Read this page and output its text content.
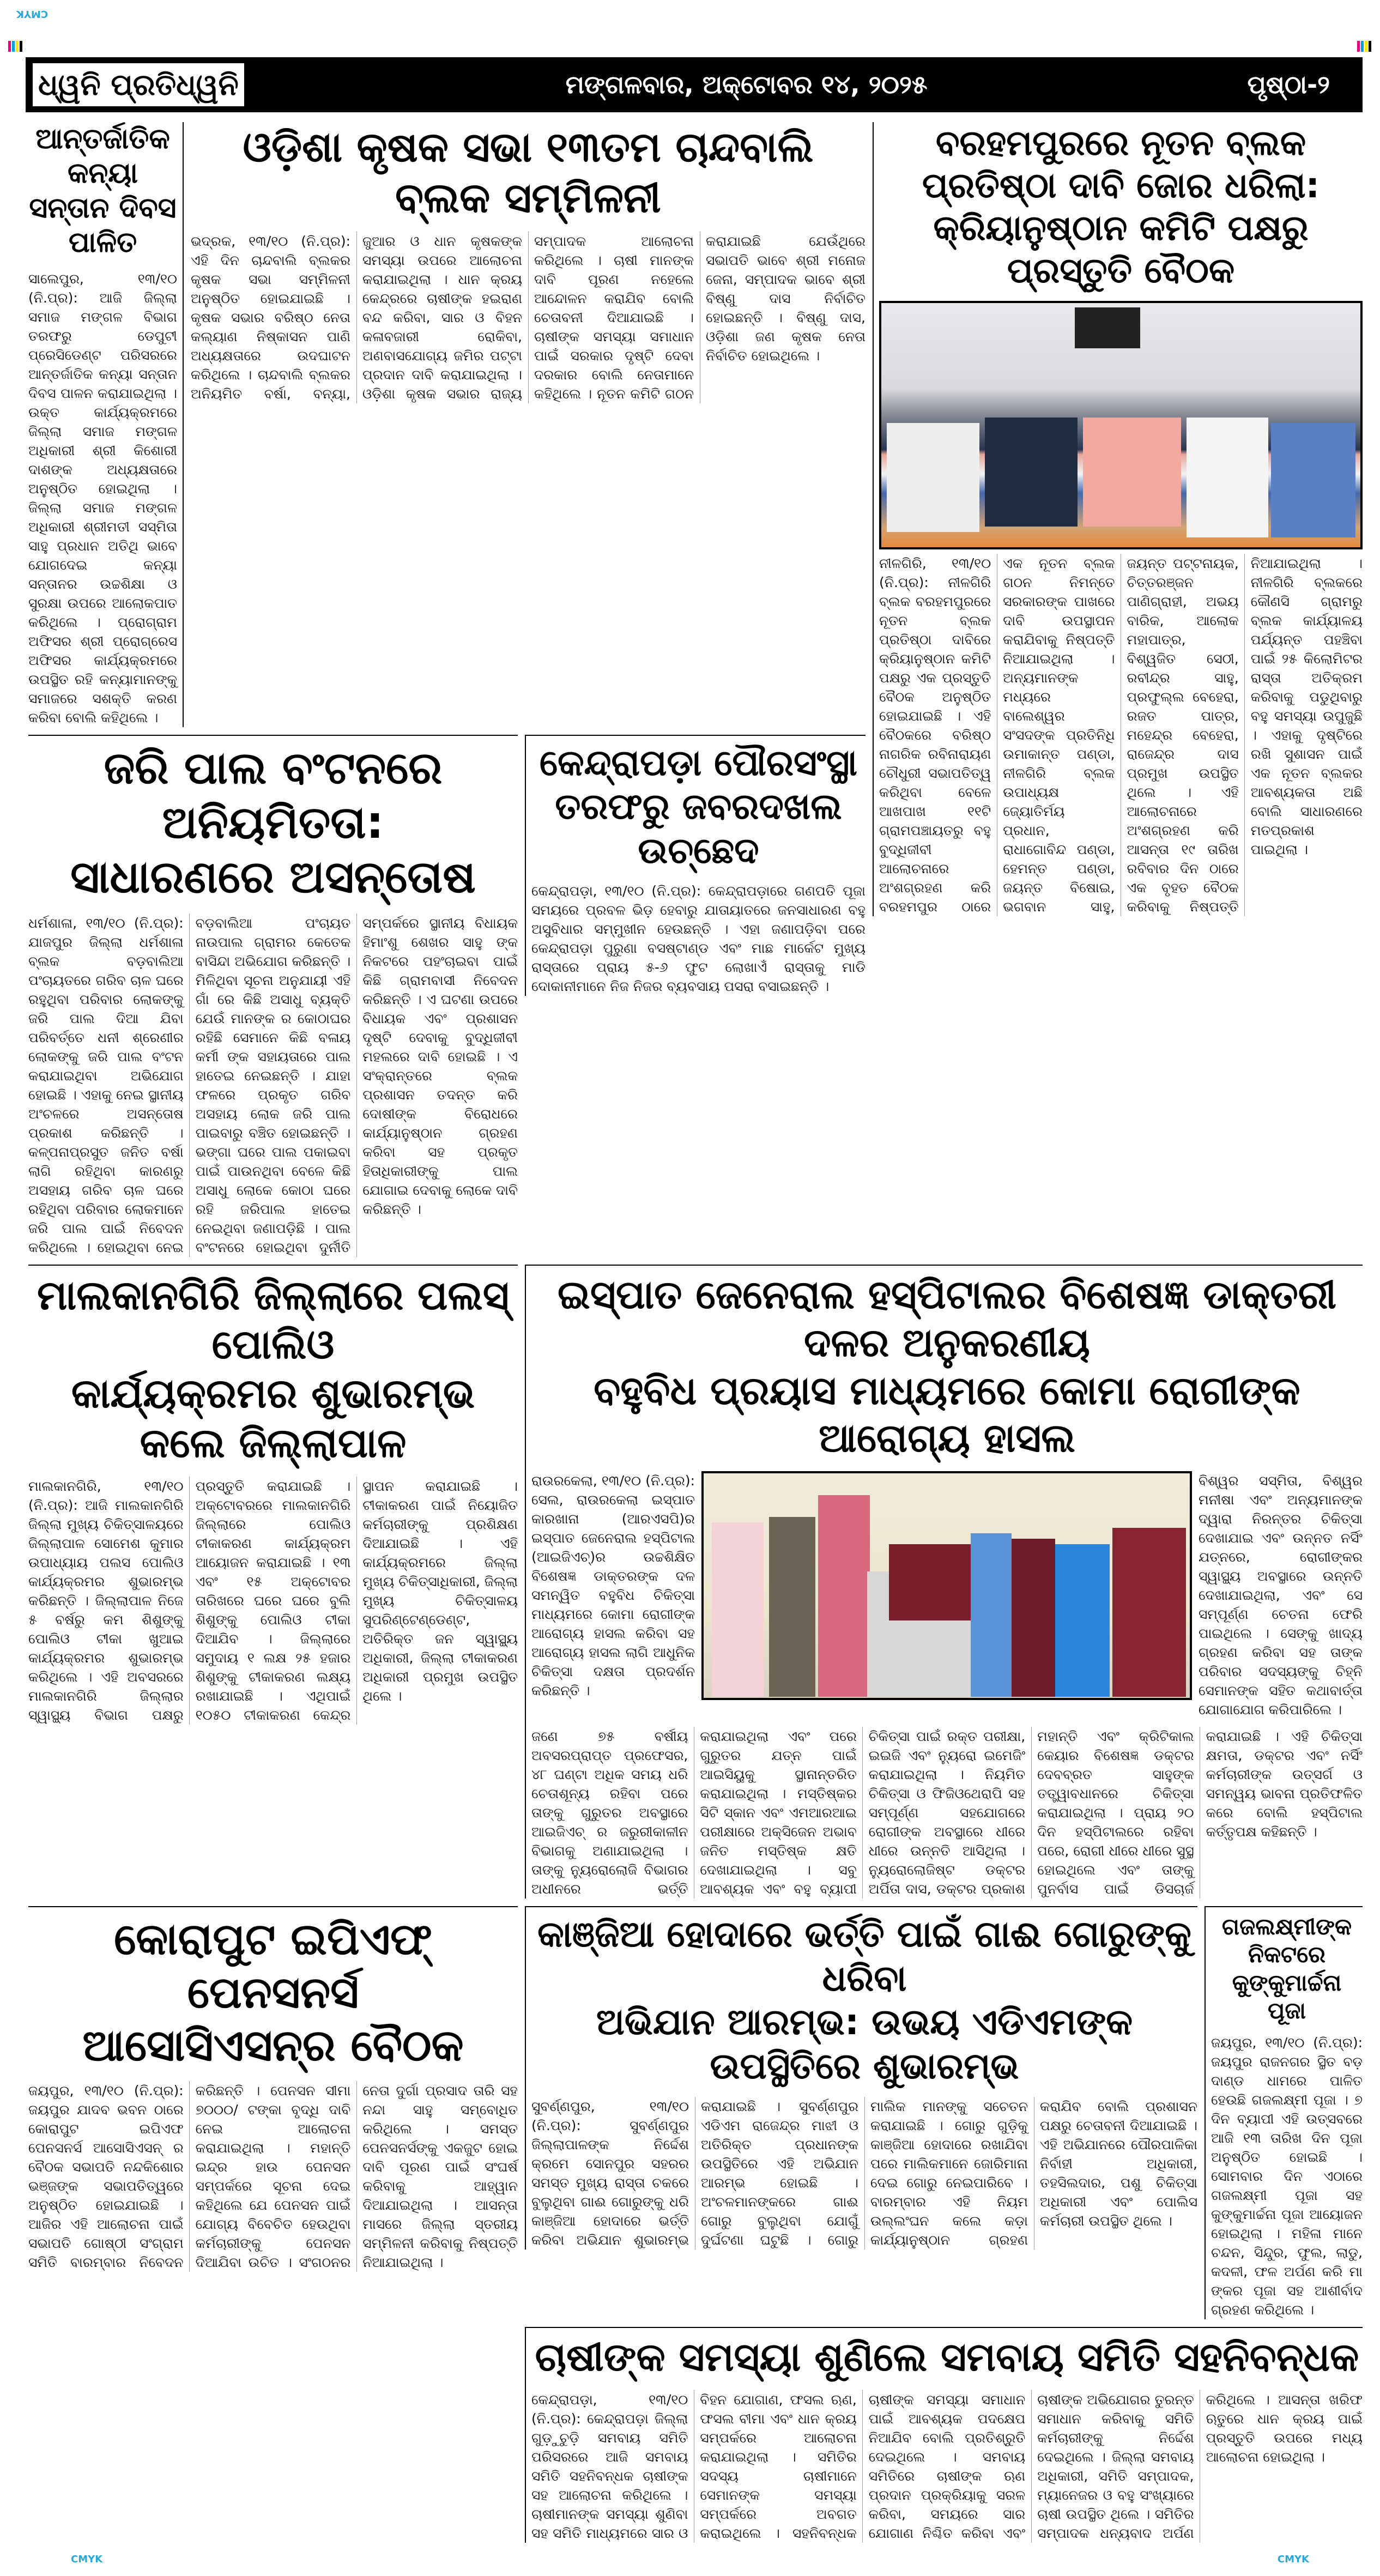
CMYK
ଧ୍ୱନି ପ୍ରତିଧ୍ୱନି	ମଙ୍ଗଳବାର, ଅକ୍ଟୋବର ୧୪, ୨୦୨୫	ପୃଷ୍ଠା-୨
ଆନ୍ତର୍ଜାତିକ କନ୍ୟା ସନ୍ତାନ ଦିବସ ପାଳିତ
ସାଲେପୁର, ୧୩/୧୦ (ନି.ପ୍ର): ଆଜି ଜିଲ୍ଲା ସମାଜ ମଙ୍ଗଳ ବିଭାଗ ତରଫରୁ ଡେପୁଟୀ ପ୍ରେସିଡେଣ୍ଟ ପରିସରରେ ଆନ୍ତର୍ଜାତିକ କନ୍ୟା ସନ୍ତାନ ଦିବସ ପାଳନ କରାଯାଇଥିଲା । ଉକ୍ତ କାର୍ଯ୍ୟକ୍ରମରେ ଜିଲ୍ଲା ସମାଜ ମଙ୍ଗଳ ଅଧିକାରୀ ଶ୍ରୀ କିଶୋରୀ ଦାଶଙ୍କ ଅଧ୍ୟକ୍ଷତାରେ ଅନୁଷ୍ଠିତ ହୋଇଥିଲା । ଜିଲ୍ଲା ସମାଜ ମଙ୍ଗଳ ଅଧିକାରୀ ଶ୍ରୀମତୀ ସସ୍ମିତା ସାହୁ ପ୍ରଧାନ ଅତିଥି ଭାବେ ଯୋଗଦେଇ କନ୍ୟା ସନ୍ତାନର ଉଚ୍ଚଶିକ୍ଷା ଓ ସୁରକ୍ଷା ଉପରେ ଆଲୋକପାତ କରିଥିଲେ । ପ୍ରୋଗ୍ରାମ ଅଫିସର ଶ୍ରୀ ପ୍ରୋଗ୍ରେସ ଅଫିସର କାର୍ଯ୍ୟକ୍ରମରେ ଉପସ୍ଥିତ ରହି କନ୍ୟାମାନଙ୍କୁ ସମାଜରେ ସଶକ୍ତି କରଣ କରିବା ବୋଲି କହିଥିଲେ ।
ଓଡ଼ିଶା କୃଷକ ସଭା ୧୩ତମ ଚାନ୍ଦବାଲି ବ୍ଲକ ସମ୍ମିଳନୀ
ଭଦ୍ରକ, ୧୩/୧୦ (ନି.ପ୍ର): ଏହି ଦିନ ଚାନ୍ଦବାଲି ବ୍ଲକର କୃଷକ ସଭା ସମ୍ମିଳନୀ ଅନୁଷ୍ଠିତ ହୋଇଯାଇଛି । କୃଷକ ସଭାର ବରିଷ୍ଠ ନେତା କଲ୍ୟାଣ ନିଷ୍କାସନ ପାଣି ଅଧ୍ୟକ୍ଷତାରେ ଉଦଘାଟନ କରିଥିଲେ । ଚାନ୍ଦବାଲି ବ୍ଲକର ଅନିୟମିତ ବର୍ଷା, ବନ୍ୟା, ଜୁଆର ଓ ଧାନ କୃଷକଙ୍କ ସମସ୍ୟା ଉପରେ ଆଲୋଚନା କରାଯାଇଥିଲା । ଧାନ କ୍ରୟ କେନ୍ଦ୍ରରେ ଚାଷୀଙ୍କ ହଇରାଣ ବନ୍ଦ କରିବା, ସାର ଓ ବିହନ କଳାବଜାରୀ ରୋକିବା, ଅଣବାସଯୋଗ୍ୟ ଜମିର ପଟ୍ଟା ପ୍ରଦାନ ଦାବି କରାଯାଇଥିଲା । ଓଡ଼ିଶା କୃଷକ ସଭାର ରାଜ୍ୟ ସମ୍ପାଦକ ଆଲୋଚନା କରିଥିଲେ । ଚାଷୀ ମାନଙ୍କ ଦାବି ପୂରଣ ନହେଲେ ଆନ୍ଦୋଳନ କରାଯିବ ବୋଲି ଚେତାବନୀ ଦିଆଯାଇଛି । ଚାଷୀଙ୍କ ସମସ୍ୟା ସମାଧାନ ପାଇଁ ସରକାର ଦୃଷ୍ଟି ଦେବା ଦରକାର ବୋଲି ନେତାମାନେ କହିଥିଲେ । ନୂତନ କମିଟି ଗଠନ କରାଯାଇଛି ଯେଉଁଥିରେ ସଭାପତି ଭାବେ ଶ୍ରୀ ମନୋଜ ଜେନା, ସମ୍ପାଦକ ଭାବେ ଶ୍ରୀ ବିଷ୍ଣୁ ଦାସ ନିର୍ବାଚିତ ହୋଇଛନ୍ତି । ବିଷ୍ଣୁ ଦାସ, ଓଡ଼ିଶା ଜଣ କୃଷକ ନେତା ନିର୍ବାଚିତ ହୋଇଥିଲେ ।
ବରହମପୁରରେ ନୂତନ ବ୍ଲକ ପ୍ରତିଷ୍ଠା ଦାବି ଜୋର ଧରିଲା: କ୍ରିୟାନୁଷ୍ଠାନ କମିଟି ପକ୍ଷରୁ ପ୍ରସ୍ତୁତି ବୈଠକ
ନୀଳଗିରି, ୧୩/୧୦ (ନି.ପ୍ର): ନୀଳଗିରି ବ୍ଲକ ବରହମପୁରରେ ନୂତନ ବ୍ଲକ ପ୍ରତିଷ୍ଠା ଦାବିରେ କ୍ରିୟାନୁଷ୍ଠାନ କମିଟି ପକ୍ଷରୁ ଏକ ପ୍ରସ୍ତୁତି ବୈଠକ ଅନୁଷ୍ଠିତ ହୋଇଯାଇଛି । ଏହି ବୈଠକରେ ବରିଷ୍ଠ ନାଗରିକ ରବିନାରାୟଣ ଚୌଧୁରୀ ସଭାପତିତ୍ୱ କରିଥିବା ବେଳେ ଆଖପାଖ ୧୧ଟି ଗ୍ରାମପଞ୍ଚାୟତରୁ ବହୁ ବୁଦ୍ଧିଜୀବୀ ଆଲୋଚନାରେ ଅଂଶଗ୍ରହଣ କରି ବରହମପୁର ଠାରେ ଏକ ନୂତନ ବ୍ଲକ ଗଠନ ନିମନ୍ତେ ସରକାରଙ୍କ ପାଖରେ ଦାବି ଉପସ୍ଥାପନ କରାଯିବାକୁ ନିଷ୍ପତ୍ତି ନିଆଯାଇଥିଲା । ଅନ୍ୟମାନଙ୍କ ମଧ୍ୟରେ ବାଲେଶ୍ୱର ସଂସଦଙ୍କ ପ୍ରତିନିଧି ଉମାକାନ୍ତ ପଣ୍ଡା, ନୀଳଗିରି ବ୍ଲକ ଉପାଧ୍ୟକ୍ଷ ଜ୍ୟୋତିର୍ମୟ ପ୍ରଧାନ, ରାଧାଗୋବିନ୍ଦ ପଣ୍ଡା, ହେମନ୍ତ ପଣ୍ଡା, ଜୟନ୍ତ ବିଷୋଇ, ଭଗବାନ ସାହୁ, ଜୟନ୍ତ ପଟ୍ଟନାୟକ, ଚିତ୍ତରଞ୍ଜନ ପାଣିଗ୍ରାହୀ, ଅଭୟ ବାରିକ, ଆଲୋକ ମହାପାତ୍ର, ବିଶ୍ୱଜିତ ସେଠୀ, ରବୀନ୍ଦ୍ର ସାହୁ, ପ୍ରଫୁଲ୍ଲ ବେହେରା, ରଜତ ପାତ୍ର, ମହେନ୍ଦ୍ର ବେହେରା, ରାଜେନ୍ଦ୍ର ଦାସ ପ୍ରମୁଖ ଉପସ୍ଥିତ ଥିଲେ । ଏହି ଆଲୋଚନାରେ ଅଂଶଗ୍ରହଣ କରି ଆସନ୍ତା ୧୯ ତାରିଖ ରବିବାର ଦିନ ଠାରେ ଏକ ବୃହତ ବୈଠକ କରିବାକୁ ନିଷ୍ପତ୍ତି ନିଆଯାଇଥିଲା । ନୀଳଗିରି ବ୍ଲକରେ କୌଣସି ଗ୍ରାମରୁ ବ୍ଲକ କାର୍ଯ୍ୟାଳୟ ପର୍ଯ୍ୟନ୍ତ ପହଞ୍ଚିବା ପାଇଁ ୨୫ କିଲୋମିଟର ରାସ୍ତା ଅତିକ୍ରମ କରିବାକୁ ପଡୁଥିବାରୁ ବହୁ ସମସ୍ୟା ଉପୁଜୁଛି । ଏହାକୁ ଦୃଷ୍ଟିରେ ରଖି ସୁଶାସନ ପାଇଁ ଏକ ନୂତନ ବ୍ଲକର ଆବଶ୍ୟକତା ଅଛି ବୋଲି ସାଧାରଣରେ ମତପ୍ରକାଶ ପାଇଥିଲା ।
ଜରି ପାଲ ବଂଟନରେ ଅନିୟମିତତା:
ସାଧାରଣରେ ଅସନ୍ତୋଷ
ଧର୍ମଶାଳା, ୧୩/୧୦ (ନି.ପ୍ର): ଯାଜପୁର ଜିଲ୍ଲା ଧର୍ମଶାଳା ବ୍ଲକ ବଡ଼ବାଲିଆ ପଂଚାୟତରେ ଗରିବ ଚାଳ ଘରେ ରହୁଥିବା ପରିବାର ଲୋକଙ୍କୁ ଜରି ପାଲ ଦିଆ ଯିବା ପରିବର୍ତ୍ତେ ଧନୀ ଶ୍ରେଣୀର ଲୋକଙ୍କୁ ଜରି ପାଲ ବଂଟନ କରାଯାଇଥିବା ଅଭିଯୋଗ ହୋଇଛି । ଏହାକୁ ନେଇ ସ୍ଥାନୀୟ ଅଂଚଳରେ ଅସନ୍ତୋଷ ପ୍ରକାଶ କରିଛନ୍ତି । କଳ୍ପନାପ୍ରସୁତ ଜନିତ ବର୍ଷା ଲାଗି ରହିଥିବା କାରଣରୁ ଅସହାୟ ଗରିବ ଚାଳ ଘରେ ରହିଥିବା ପରିବାର ଲୋକମାନେ ଜରି ପାଲ ପାଇଁ ନିବେଦନ କରିଥିଲେ । ହୋଇଥିବା ନେଇ ବଡ଼ବାଲିଆ ପଂଚାୟତ ନାଉପାଲ ଗ୍ରାମର କେତେକ ବାସିନ୍ଦା ଅଭିଯୋଗ କରିଛନ୍ତି । ମିଳିଥିବା ସୂଚନା ଅନୁଯାୟୀ ଏହି ଗାଁ ରେ କିଛି ଅସାଧୁ ବ୍ୟକ୍ତି ଯେଉଁ ମାନଙ୍କ ର କୋଠାଘର ରହିଛି ସେମାନେ କିଛି ବଳାୟ କର୍ମୀ ଙ୍କ ସହାୟତାରେ ପାଲ ହାତେଇ ନେଇଛନ୍ତି । ଯାହା ଫଳରେ ପ୍ରକୃତ ଗରିବ ଅସହାୟ ଲୋକ ଜରି ପାଲ ପାଇବାରୁ ବଞ୍ଚିତ ହୋଇଛନ୍ତି । ଭଙ୍ଗା ଘରେ ପାଲ ପକାଇବା ପାଇଁ ପାଉନଥିବା ବେଳେ କିଛି ଅସାଧୁ ଲୋକେ କୋଠା ଘରେ ରହି ଜରିପାଲ ହାତେଇ ନେଇଥିବା ଜଣାପଡ଼ିଛି । ପାଲ ବଂଟନରେ ହୋଇଥିବା ଦୁର୍ନୀତି ସମ୍ପର୍କରେ ସ୍ଥାନୀୟ ବିଧାୟକ ହିମାଂଶୁ ଶେଖର ସାହୁ ଙ୍କ ନିକଟରେ ପହଂଚାଇବା ପାଇଁ କିଛି ଗ୍ରାମବାସୀ ନିବେଦନ କରିଛନ୍ତି । ଏ ଘଟଣା ଉପରେ ବିଧାୟକ ଏବଂ ପ୍ରଶାସନ ଦୃଷ୍ଟି ଦେବାକୁ ବୁଦ୍ଧିଜୀବୀ ମହଲରେ ଦାବି ହୋଇଛି । ଏ ସଂକ୍ରାନ୍ତରେ ବ୍ଲକ ପ୍ରଶାସନ ତଦନ୍ତ କରି ଦୋଷୀଙ୍କ ବିରୋଧରେ କାର୍ଯ୍ୟାନୁଷ୍ଠାନ ଗ୍ରହଣ କରିବା ସହ ପ୍ରକୃତ ହିତାଧିକାରୀଙ୍କୁ ପାଲ ଯୋଗାଇ ଦେବାକୁ ଲୋକେ ଦାବି କରିଛନ୍ତି ।
କେନ୍ଦ୍ରାପଡ଼ା ପୌରସଂସ୍ଥା
ତରଫରୁ ଜବରଦଖଲ ଉଚ୍ଛେଦ
କେନ୍ଦ୍ରାପଡ଼ା, ୧୩/୧୦ (ନି.ପ୍ର): କେନ୍ଦ୍ରାପଡ଼ାରେ ଗଣପତି ପୂଜା ସମୟରେ ପ୍ରବଳ ଭିଡ଼ ହେବାରୁ ଯାତାୟାତରେ ଜନସାଧାରଣ ବହୁ ଅସୁବିଧାର ସମ୍ମୁଖୀନ ହେଉଛନ୍ତି । ଏହା ଜଣାପଡ଼ିବା ପରେ କେନ୍ଦ୍ରାପଡ଼ା ପୁରୁଣା ବସଷ୍ଟାଣ୍ଡ ଏବଂ ମାଛ ମାର୍କେଟ ମୁଖ୍ୟ ରାସ୍ତାରେ ପ୍ରାୟ ୫-୬ ଫୁଟ ଲୋଖାଏଁ ରାସ୍ତାକୁ ମାଡି ଦୋକାନୀମାନେ ନିଜ ନିଜର ବ୍ୟବସାୟ ପସରା ବସାଇଛନ୍ତି ।
ମାଲକାନଗିରି ଜିଲ୍ଲାରେ ପଲସ୍ ପୋଲିଓ
କାର୍ଯ୍ୟକ୍ରମର ଶୁଭାରମ୍ଭ କଲେ ଜିଲ୍ଲାପାଳ
ମାଲକାନଗିରି, ୧୩/୧୦ (ନି.ପ୍ର): ଆଜି ମାଲକାନଗିରି ଜିଲ୍ଲା ମୁଖ୍ୟ ଚିକିତ୍ସାଳୟରେ ଜିଲ୍ଲାପାଳ ସୋମେଶ କୁମାର ଉପାଧ୍ୟାୟ ପଲସ ପୋଲିଓ କାର୍ଯ୍ୟକ୍ରମର ଶୁଭାରମ୍ଭ କରିଛନ୍ତି । ଜିଲ୍ଲାପାଳ ନିଜେ ୫ ବର୍ଷରୁ କମ ଶିଶୁଙ୍କୁ ପୋଲିଓ ଟୀକା ଖୁଆଇ କାର୍ଯ୍ୟକ୍ରମର ଶୁଭାରମ୍ଭ କରିଥିଲେ । ଏହି ଅବସରରେ ମାଲକାନଗିରି ଜିଲ୍ଲାର ସ୍ୱାସ୍ଥ୍ୟ ବିଭାଗ ପକ୍ଷରୁ ପ୍ରସ୍ତୁତି କରାଯାଇଛି । ଅକ୍ଟୋବରରେ ମାଲକାନଗିରି ଜିଲ୍ଲାରେ ପୋଲିଓ ଟୀକାକରଣ କାର୍ଯ୍ୟକ୍ରମ ଆୟୋଜନ କରାଯାଇଛି । ୧୩ ଏବଂ ୧୫ ଅକ୍ଟୋବର ତାରିଖରେ ଘରେ ଘରେ ବୁଲି ଶିଶୁଙ୍କୁ ପୋଲିଓ ଟୀକା ଦିଆଯିବ । ଜିଲ୍ଲାରେ ସମୁଦାୟ ୧ ଲକ୍ଷ ୨୫ ହଜାର ଶିଶୁଙ୍କୁ ଟୀକାକରଣ ଲକ୍ଷ୍ୟ ରଖାଯାଇଛି । ଏଥିପାଇଁ ୧୦୫୦ ଟୀକାକରଣ କେନ୍ଦ୍ର ସ୍ଥାପନ କରାଯାଇଛି । ଟୀକାକରଣ ପାଇଁ ନିୟୋଜିତ କର୍ମଚାରୀଙ୍କୁ ପ୍ରଶିକ୍ଷଣ ଦିଆଯାଇଛି । ଏହି କାର୍ଯ୍ୟକ୍ରମରେ ଜିଲ୍ଲା ମୁଖ୍ୟ ଚିକିତ୍ସାଧିକାରୀ, ଜିଲ୍ଲା ମୁଖ୍ୟ ଚିକିତ୍ସାଳୟ ସୁପରିଣ୍ଟେଣ୍ଡେଣ୍ଟ, ଅତିରିକ୍ତ ଜନ ସ୍ୱାସ୍ଥ୍ୟ ଅଧିକାରୀ, ଜିଲ୍ଲା ଟୀକାକରଣ ଅଧିକାରୀ ପ୍ରମୁଖ ଉପସ୍ଥିତ ଥିଲେ ।
ଇସ୍ପାତ ଜେନେରାଲ ହସ୍ପିଟାଲର ବିଶେଷଜ୍ଞ ଡାକ୍ତରୀ ଦଳର ଅନୁକରଣୀୟ
ବହୁବିଧ ପ୍ରୟାସ ମାଧ୍ୟମରେ କୋମା ରୋଗୀଙ୍କ ଆରୋଗ୍ୟ ହାସଲ
ରାଉରକେଲା, ୧୩/୧୦ (ନି.ପ୍ର): ସେଲ, ରାଉରକେଲା ଇସ୍ପାତ କାରଖାନା (ଆରଏସପି)ର ଇସ୍ପାତ ଜେନେରାଲ ହସ୍ପିଟାଲ (ଆଇଜିଏଚ୍)ର ଉଚ୍ଚଶିକ୍ଷିତ ବିଶେଷଜ୍ଞ ଡାକ୍ତରଙ୍କ ଦଳ ସମନ୍ୱିତ ବହୁବିଧ ଚିକିତ୍ସା ମାଧ୍ୟମରେ କୋମା ରୋଗୀଙ୍କ ଆରୋଗ୍ୟ ହାସଲ କରିବା ସହ ଆରୋଗ୍ୟ ହାସଲ ଲାଗି ଆଧୁନିକ ଚିକିତ୍ସା ଦକ୍ଷତା ପ୍ରଦର୍ଶନ କରିଛନ୍ତି ।
ବିଶ୍ୱର ସସ୍ମିତା, ବିଶ୍ୱର ମନୀଷା ଏବଂ ଅନ୍ୟମାନଙ୍କ ଦ୍ୱାରା ନିରନ୍ତର ଚିକିତ୍ସା ଦେଖାଯାଇ ଏବଂ ଉନ୍ନତ ନର୍ସିଂ ଯତ୍ନରେ, ରୋଗୀଙ୍କର ସ୍ୱାସ୍ଥ୍ୟ ଅବସ୍ଥାରେ ଉନ୍ନତି ଦେଖାଯାଇଥିଲା, ଏବଂ ସେ ସମ୍ପୂର୍ଣ୍ଣ ଚେତନା ଫେରି ପାଇଥିଲେ । ସେଙ୍କୁ ଖାଦ୍ୟ ଗ୍ରହଣ କରିବା ସହ ତାଙ୍କ ପରିବାର ସଦସ୍ୟଙ୍କୁ ଚିହ୍ନି ସେମାନଙ୍କ ସହିତ କଥାବାର୍ତ୍ତା ଯୋଗାଯୋଗ କରିପାରିଲେ ।
ଜଣେ ୭୫ ବର୍ଷୀୟ ଅବସରପ୍ରାପ୍ତ ପ୍ରଫେସର, ୪୮ ଘଣ୍ଟା ଅଧିକ ସମୟ ଧରି ଚେତାଶୂନ୍ୟ ରହିବା ପରେ ତାଙ୍କୁ ଗୁରୁତର ଅବସ୍ଥାରେ ଆଇଜିଏଚ୍ ର ଜରୁରୀକାଳୀନ ବିଭାଗକୁ ଅଣାଯାଇଥିଲା । ତାଙ୍କୁ ନ୍ୟୁରୋଲୋଜି ବିଭାଗର ଅଧୀନରେ ଭର୍ତ୍ତି କରାଯାଇଥିଲା ଏବଂ ପରେ ଗୁରୁତର ଯତ୍ନ ପାଇଁ ଆଇସିୟୁକୁ ସ୍ଥାନାନ୍ତରିତ କରାଯାଇଥିଲା । ମସ୍ତିଷ୍କର ସିଟି ସ୍କାନ ଏବଂ ଏମଆରଆଇ ପରୀକ୍ଷାରେ ଅକ୍ସିଜେନ ଅଭାବ ଜନିତ ମସ୍ତିଷ୍କ କ୍ଷତି ଦେଖାଯାଇଥିଲା । ସବୁ ଆବଶ୍ୟକ ଏବଂ ବହୁ ବ୍ୟାପୀ ଚିକିତ୍ସା ପାଇଁ ରକ୍ତ ପରୀକ୍ଷା, ଇଇଜି ଏବଂ ନ୍ୟୁରୋ ଇମେଜିଂ କରାଯାଇଥିଲା । ନିୟମିତ ଚିକିତ୍ସା ଓ ଫିଜିଓଥେରାପି ସହ ସମ୍ପୂର୍ଣ୍ଣ ସହଯୋଗରେ ରୋଗୀଙ୍କ ଅବସ୍ଥାରେ ଧୀରେ ଧୀରେ ଉନ୍ନତି ଆସିଥିଲା । ନ୍ୟୁରୋଲୋଜିଷ୍ଟ ଡକ୍ଟର ଅର୍ପିତା ଦାସ, ଡକ୍ଟର ପ୍ରକାଶ ମହାନ୍ତି ଏବଂ କ୍ରିଟିକାଲ କେୟାର ବିଶେଷଜ୍ଞ ଡକ୍ଟର ଦେବବ୍ରତ ସାହୁଙ୍କ ତତ୍ତ୍ୱାବଧାନରେ ଚିକିତ୍ସା କରାଯାଇଥିଲା । ପ୍ରାୟ ୨୦ ଦିନ ହସ୍ପିଟାଲରେ ରହିବା ପରେ, ରୋଗୀ ଧୀରେ ଧୀରେ ସୁସ୍ଥ ହୋଇଥିଲେ ଏବଂ ତାଙ୍କୁ ପୁନର୍ବାସ ପାଇଁ ଡିସଚାର୍ଜ କରାଯାଇଛି । ଏହି ଚିକିତ୍ସା କ୍ଷମତା, ଡକ୍ଟର ଏବଂ ନର୍ସିଂ କର୍ମଚାରୀଙ୍କ ଉତ୍ସର୍ଗ ଓ ସମନ୍ୱୟ ଭାବନା ପ୍ରତିଫଳିତ କରେ ବୋଲି ହସ୍ପିଟାଲ କର୍ତ୍ତୃପକ୍ଷ କହିଛନ୍ତି ।
କୋରାପୁଟ ଇପିଏଫ୍ ପେନସନର୍ସ
ଆସୋସିଏସନ୍‌ର ବୈଠକ
ଜୟପୁର, ୧୩/୧୦ (ନି.ପ୍ର): ଜୟପୁର ଯାଦବ ଭବନ ଠାରେ କୋରାପୁଟ ଇପିଏଫ ପେନସନର୍ସ ଆସୋସିଏସନ୍ ର ବୈଠକ ସଭାପତି ନନ୍ଦକିଶୋର ଭଞ୍ଜଙ୍କ ସଭାପତିତ୍ୱରେ ଅନୁଷ୍ଠିତ ହୋଇଯାଇଛି । ଆଜିର ଏହି ଆଲୋଚନା ପାଇଁ ସଭାପତି ଗୋଷ୍ଠୀ ସଂଗ୍ରାମ ସମିତି ବାରମ୍ବାର ନିବେଦନ କରିଛନ୍ତି । ପେନସନ ସୀମା ୭୦୦୦/ ଟଙ୍କା ବୃଦ୍ଧି ଦାବି ନେଇ ଆଲୋଚନା କରାଯାଇଥିଲା । ମହାନ୍ତି ଇନ୍ଦ୍ର ହାଉ ପେନସନ ସମ୍ପର୍କରେ ସୂଚନା ଦେଇ କହିଥିଲେ ଯେ ପେନସନ ପାଇଁ ଯୋଗ୍ୟ ବିବେଚିତ ହେଉଥିବା କର୍ମଚାରୀଙ୍କୁ ପେନସନ ଦିଆଯିବା ଉଚିତ । ସଂଗଠନର ନେତା ଦୁର୍ଗା ପ୍ରସାଦ ତାରି ସହ ନନ୍ଦା ସାହୁ ସମ୍ବୋଧିତ କରିଥିଲେ । ସମସ୍ତ ପେନସନର୍ସଙ୍କୁ ଏକଜୁଟ ହୋଇ ଦାବି ପୂରଣ ପାଇଁ ସଂଘର୍ଷ କରିବାକୁ ଆହ୍ୱାନ ଦିଆଯାଇଥିଲା । ଆସନ୍ତା ମାସରେ ଜିଲ୍ଲା ସ୍ତରୀୟ ସମ୍ମିଳନୀ କରିବାକୁ ନିଷ୍ପତ୍ତି ନିଆଯାଇଥିଲା ।
କାଞ୍ଜିଆ ହୋଦାରେ ଭର୍ତ୍ତି ପାଇଁ ଗାଈ ଗୋରୁଙ୍କୁ ଧରିବା
ଅଭିଯାନ ଆରମ୍ଭ: ଉଭୟ ଏଡିଏମଙ୍କ ଉପସ୍ଥିତିରେ ଶୁଭାରମ୍ଭ
ସୁବର୍ଣ୍ଣପୁର, ୧୩/୧୦ (ନି.ପ୍ର): ସୁବର୍ଣ୍ଣପୁର ଜିଲ୍ଲାପାଳଙ୍କ ନିର୍ଦ୍ଦେଶ କ୍ରମେ ସୋନପୁର ସହରର ସମସ୍ତ ମୁଖ୍ୟ ରାସ୍ତା ଚକରେ ବୁଲୁଥିବା ଗାଈ ଗୋରୁଙ୍କୁ ଧରି କାଞ୍ଜିଆ ହୋଦାରେ ଭର୍ତ୍ତି କରିବା ଅଭିଯାନ ଶୁଭାରମ୍ଭ କରାଯାଇଛି । ସୁବର୍ଣ୍ଣପୁର ଏଡିଏମ ରାଜେନ୍ଦ୍ର ମାଝୀ ଓ ଅତିରିକ୍ତ ପ୍ରଧାନଙ୍କ ଉପସ୍ଥିତିରେ ଏହି ଅଭିଯାନ ଆରମ୍ଭ ହୋଇଛି । ଅଂଚଳମାନଙ୍କରେ ଗାଈ ଗୋରୁ ବୁଲୁଥିବା ଯୋଗୁଁ ଦୁର୍ଘଟଣା ଘଟୁଛି । ଗୋରୁ ମାଲିକ ମାନଙ୍କୁ ସଚେତନ କରାଯାଇଛି । ଗୋରୁ ଗୁଡ଼ିକୁ କାଞ୍ଜିଆ ହୋଦାରେ ରଖାଯିବା ପରେ ମାଲିକମାନେ ଜୋରିମାନା ଦେଇ ଗୋରୁ ନେଇପାରିବେ । ବାରମ୍ବାର ଏହି ନିୟମ ଉଲ୍ଲଂଘନ କଲେ କଡ଼ା କାର୍ଯ୍ୟାନୁଷ୍ଠାନ ଗ୍ରହଣ କରାଯିବ ବୋଲି ପ୍ରଶାସନ ପକ୍ଷରୁ ଚେତାବନୀ ଦିଆଯାଇଛି । ଏହି ଅଭିଯାନରେ ପୌରପାଳିକା ନିର୍ବାହୀ ଅଧିକାରୀ, ତହସିଲଦାର, ପଶୁ ଚିକିତ୍ସା ଅଧିକାରୀ ଏବଂ ପୋଲିସ କର୍ମଚାରୀ ଉପସ୍ଥିତ ଥିଲେ ।
ଗଜଲକ୍ଷ୍ମୀଙ୍କ ନିକଟରେ କୁଙ୍କୁମାର୍ଚ୍ଚନା ପୂଜା
ଜୟପୁର, ୧୩/୧୦ (ନି.ପ୍ର): ଜୟପୁର ରାଜନଗର ସ୍ଥିତ ବଡ଼ ଦାଣ୍ଡ ଧାମରେ ପାଳିତ ହେଉଛି ଗଜଲକ୍ଷ୍ମୀ ପୂଜା । ୭ ଦିନ ବ୍ୟାପୀ ଏହି ଉତ୍ସବରେ ଆଜି ୧୩ ତାରିଖ ଦିନ ପୂଜା ଅନୁଷ୍ଠିତ ହୋଇଛି । ସୋମବାର ଦିନ ଏଠାରେ ଗଜଲକ୍ଷ୍ମୀ ପୂଜା ସହ କୁଙ୍କୁମାର୍ଚ୍ଚନା ପୂଜା ଆୟୋଜନ ହୋଇଥିଲା । ମହିଳା ମାନେ ଚନ୍ଦନ, ସିନ୍ଦୁର, ଫୁଲ, ଲାଡୁ, କଦଳୀ, ଫଳ ଅର୍ପଣ କରି ମା ଙ୍କର ପୂଜା ସହ ଆଶୀର୍ବାଦ ଗ୍ରହଣ କରିଥିଲେ ।
ଚାଷୀଙ୍କ ସମସ୍ୟା ଶୁଣିଲେ ସମବାୟ ସମିତି ସହନିବନ୍ଧକ
କେନ୍ଦ୍ରାପଡ଼ା, ୧୩/୧୦ (ନି.ପ୍ର): କେନ୍ଦ୍ରାପଡ଼ା ଜିଲ୍ଲା ଗୁଡ଼ୁଚୁଡ଼ି ସମବାୟ ସମିତି ପରିସରରେ ଆଜି ସମବାୟ ସମିତି ସହନିବନ୍ଧକ ଚାଷୀଙ୍କ ସହ ଆଲୋଚନା କରିଥିଲେ । ଚାଷୀମାନଙ୍କ ସମସ୍ୟା ଶୁଣିବା ସହ ସମିତି ମାଧ୍ୟମରେ ସାର ଓ ବିହନ ଯୋଗାଣ, ଫସଲ ଋଣ, ଫସଲ ବୀମା ଏବଂ ଧାନ କ୍ରୟ ସମ୍ପର୍କରେ ଆଲୋଚନା କରାଯାଇଥିଲା । ସମିତିର ସଦସ୍ୟ ଚାଷୀମାନେ ସେମାନଙ୍କ ସମସ୍ୟା ସମ୍ପର୍କରେ ଅବଗତ କରାଇଥିଲେ । ସହନିବନ୍ଧକ ଚାଷୀଙ୍କ ସମସ୍ୟା ସମାଧାନ ପାଇଁ ଆବଶ୍ୟକ ପଦକ୍ଷେପ ନିଆଯିବ ବୋଲି ପ୍ରତିଶ୍ରୁତି ଦେଇଥିଲେ । ସମବାୟ ସମିତିରେ ଚାଷୀଙ୍କ ଋଣ ପ୍ରଦାନ ପ୍ରକ୍ରିୟାକୁ ସରଳ କରିବା, ସମୟରେ ସାର ଯୋଗାଣ ନିଶ୍ଚିତ କରିବା ଏବଂ ଚାଷୀଙ୍କ ଅଭିଯୋଗର ତୁରନ୍ତ ସମାଧାନ କରିବାକୁ ସମିତି କର୍ମଚାରୀଙ୍କୁ ନିର୍ଦ୍ଦେଶ ଦେଇଥିଲେ । ଜିଲ୍ଲା ସମବାୟ ଅଧିକାରୀ, ସମିତି ସମ୍ପାଦକ, ମ୍ୟାନେଜର ଓ ବହୁ ସଂଖ୍ୟାରେ ଚାଷୀ ଉପସ୍ଥିତ ଥିଲେ । ସମିତିର ସମ୍ପାଦକ ଧନ୍ୟବାଦ ଅର୍ପଣ କରିଥିଲେ । ଆସନ୍ତା ଖରିଫ ଋତୁରେ ଧାନ କ୍ରୟ ପାଇଁ ପ୍ରସ୍ତୁତି ଉପରେ ମଧ୍ୟ ଆଲୋଚନା ହୋଇଥିଲା ।
CMYK	CMYK
